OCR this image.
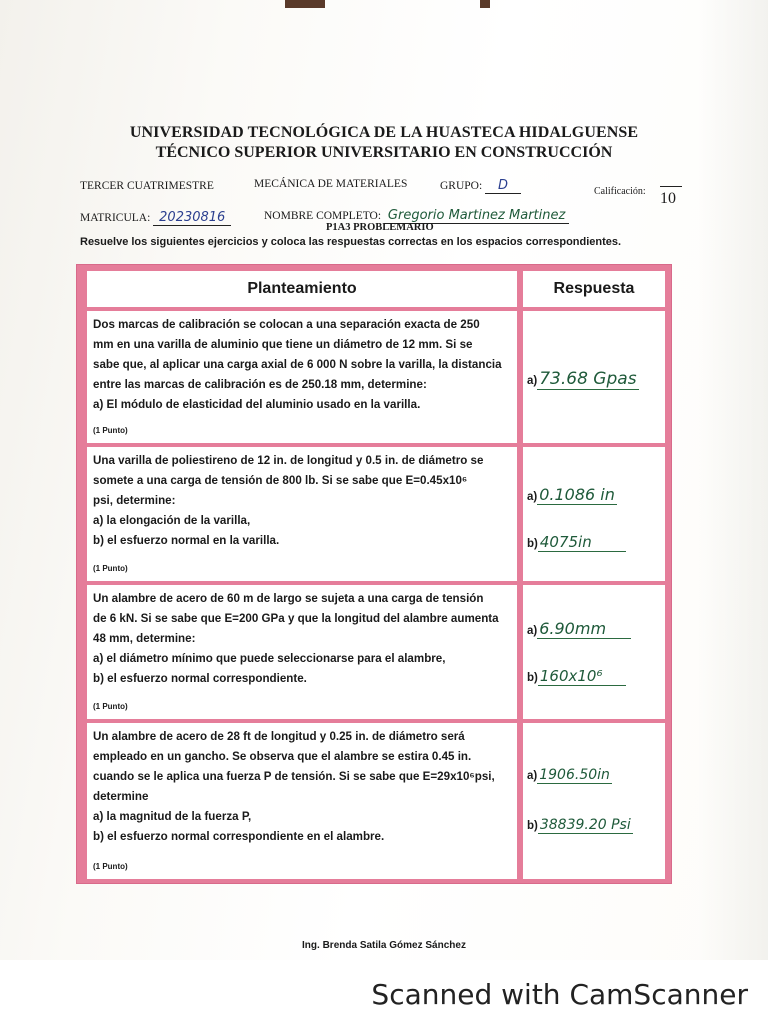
UNIVERSIDAD TECNOLÓGICA DE LA HUASTECA HIDALGUENSE
TÉCNICO SUPERIOR UNIVERSITARIO EN CONSTRUCCIÓN
TERCER CUATRIMESTRE	MECÁNICA DE MATERIALES	GRUPO: D	Calificación: 10
MATRICULA: 20230816	NOMBRE COMPLETO: Gregorio Martinez Martinez
P1A3 PROBLEMARIO
Resuelve los siguientes ejercicios y coloca las respuestas correctas en los espacios correspondientes.
Planteamiento	Respuesta
Dos marcas de calibración se colocan a una separación exacta de 250
mm en una varilla de aluminio que tiene un diámetro de 12 mm. Si se
sabe que, al aplicar una carga axial de 6 000 N sobre la varilla, la distancia
entre las marcas de calibración es de 250.18 mm, determine:
a) El módulo de elasticidad del aluminio usado en la varilla.
(1 Punto)
a) 73.68 Gpas
Una varilla de poliestireno de 12 in. de longitud y 0.5 in. de diámetro se
somete a una carga de tensión de 800 lb. Si se sabe que E=0.45x10⁶
psi, determine:
a) la elongación de la varilla,
b) el esfuerzo normal en la varilla.
(1 Punto)
a) 0.1086 in
b) 4075in
Un alambre de acero de 60 m de largo se sujeta a una carga de tensión
de 6 kN. Si se sabe que E=200 GPa y que la longitud del alambre aumenta
48 mm, determine:
a) el diámetro mínimo que puede seleccionarse para el alambre,
b) el esfuerzo normal correspondiente.
(1 Punto)
a) 6.90mm
b) 160x10⁶
Un alambre de acero de 28 ft de longitud y 0.25 in. de diámetro será
empleado en un gancho. Se observa que el alambre se estira 0.45 in.
cuando se le aplica una fuerza P de tensión. Si se sabe que E=29x10⁶psi,
determine
a) la magnitud de la fuerza P,
b) el esfuerzo normal correspondiente en el alambre.
(1 Punto)
a) 1906.50in
b) 38839.20 Psi
Ing. Brenda Satila Gómez Sánchez
Scanned with CamScanner
